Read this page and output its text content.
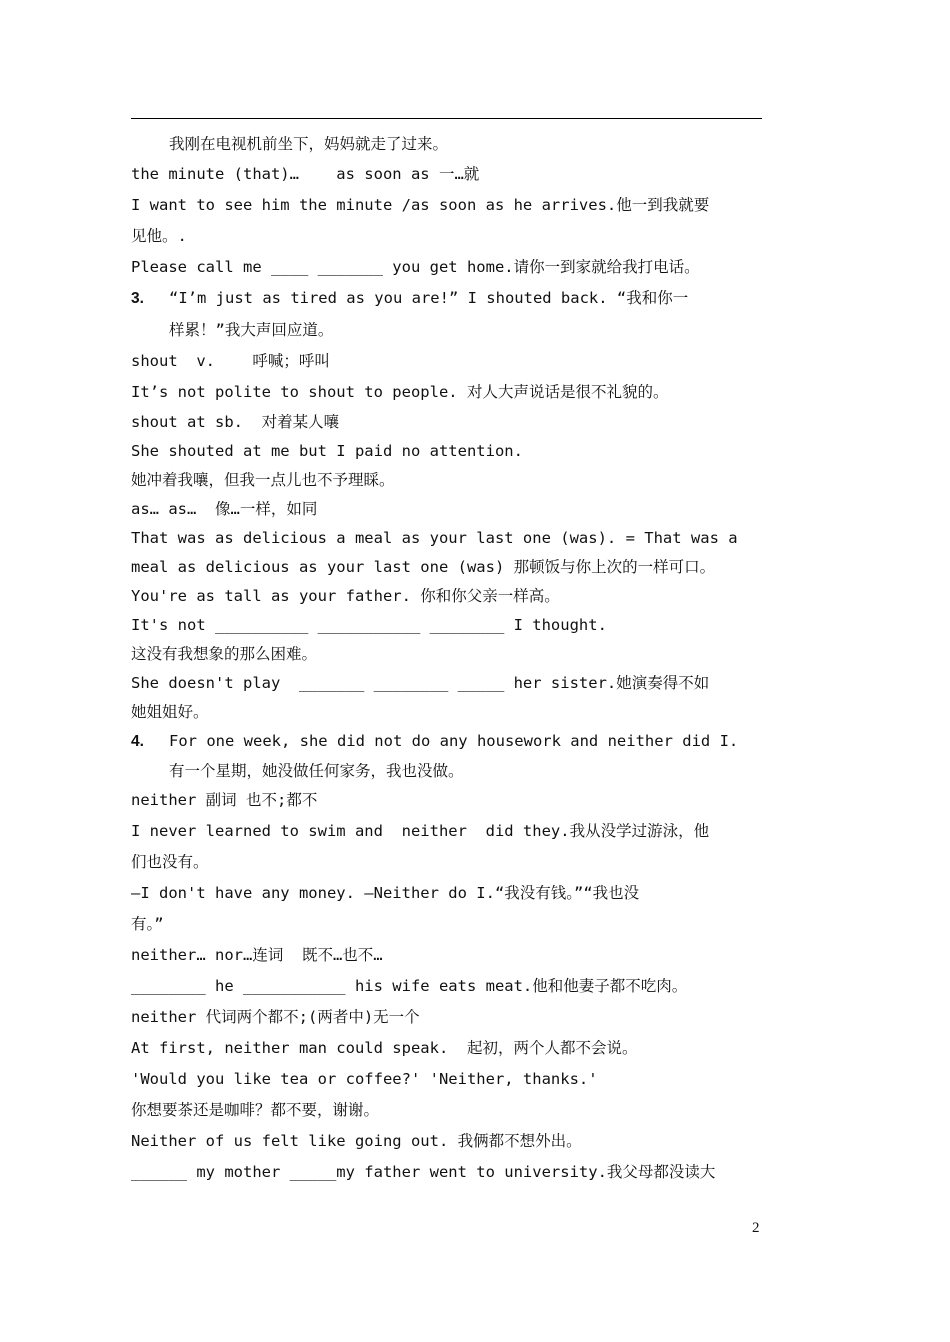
我刚在电视机前坐下，妈妈就走了过来。
the minute (that)…    as soon as 一…就
I want to see him the minute /as soon as he arrives.他一到我就要
见他。.
Please call me ____ _______ you get home.请你一到家就给我打电话。
3. “I’m just as tired as you are!” I shouted back. “我和你一
样累！”我大声回应道。
shout  v.    呼喊；呼叫
It’s not polite to shout to people. 对人大声说话是很不礼貌的。
shout at sb.  对着某人嚷
She shouted at me but I paid no attention.
她冲着我嚷，但我一点儿也不予理睬。
as… as…  像…一样，如同
That was as delicious a meal as your last one (was). = That was a
meal as delicious as your last one (was) 那顿饭与你上次的一样可口。
You're as tall as your father. 你和你父亲一样高。
It's not __________ ___________ ________ I thought.
这没有我想象的那么困难。
She doesn't play  _______ ________ _____ her sister.她演奏得不如
她姐姐好。
4. For one week, she did not do any housework and neither did I.
有一个星期，她没做任何家务，我也没做。
neither 副词 也不;都不
I never learned to swim and  neither  did they.我从没学过游泳，他
们也没有。
—I don't have any money. —Neither do I.“我没有钱。”“我也没
有。”
neither… nor…连词  既不…也不…
________ he ___________ his wife eats meat.他和他妻子都不吃肉。
neither 代词两个都不;(两者中)无一个
At first, neither man could speak.  起初，两个人都不会说。
'Would you like tea or coffee?' 'Neither, thanks.'
你想要茶还是咖啡？都不要，谢谢。
Neither of us felt like going out. 我俩都不想外出。
______ my mother _____my father went to university.我父母都没读大
2
